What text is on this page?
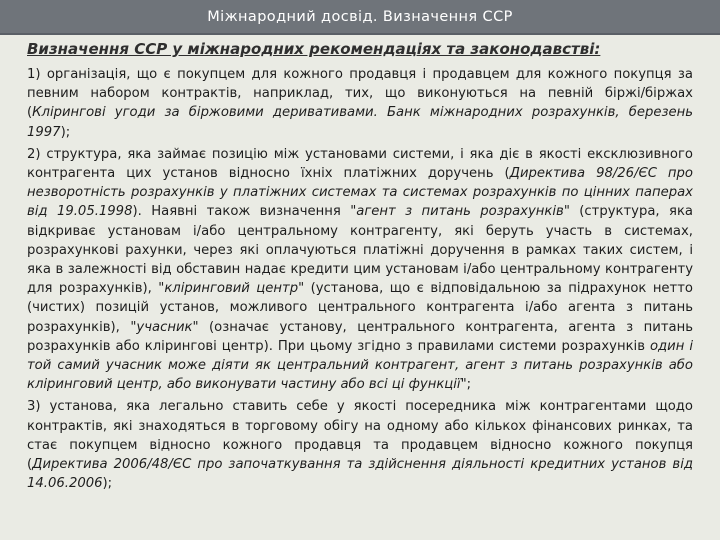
Міжнародний досвід. Визначення ССР
Визначення ССР у міжнародних рекомендаціях та законодавстві:

1) організація, що є покупцем для кожного продавця і продавцем для кожного покупця за певним набором контрактів, наприклад, тих, що виконуються на певній біржі/біржах (Клірингові угоди за біржовими деривативами. Банк міжнародних розрахунків, березень 1997);

2) структура, яка займає позицію між установами системи, і яка діє в якості ексклюзивного контрагента цих установ відносно їхніх платіжних доручень (Директива 98/26/ЄС про незворотність розрахунків у платіжних системах та системах розрахунків по цінних паперах від 19.05.1998). Наявні також визначення "агент з питань розрахунків" (структура, яка відкриває установам і/або центральному контрагенту, які беруть участь в системах, розрахункові рахунки, через які оплачуються платіжні доручення в рамках таких систем, і яка в залежності від обставин надає кредити цим установам і/або центральному контрагенту для розрахунків), "кліринговий центр" (установа, що є відповідальною за підрахунок нетто (чистих) позицій установ, можливого центрального контрагента і/або агента з питань розрахунків), "учасник" (означає установу, центрального контрагента, агента з питань розрахунків або клірингові центр). При цьому згідно з правилами системи розрахунків один і той самий учасник може діяти як центральний контрагент, агент з питань розрахунків або кліринговий центр, або виконувати частину або всі ці функції";

3) установа, яка легально ставить себе у якості посередника між контрагентами щодо контрактів, які знаходяться в торговому обігу на одному або кількох фінансових ринках, та стає покупцем відносно кожного продавця та продавцем відносно кожного покупця (Директива 2006/48/ЄС про започаткування та здійснення діяльності кредитних установ від 14.06.2006);
